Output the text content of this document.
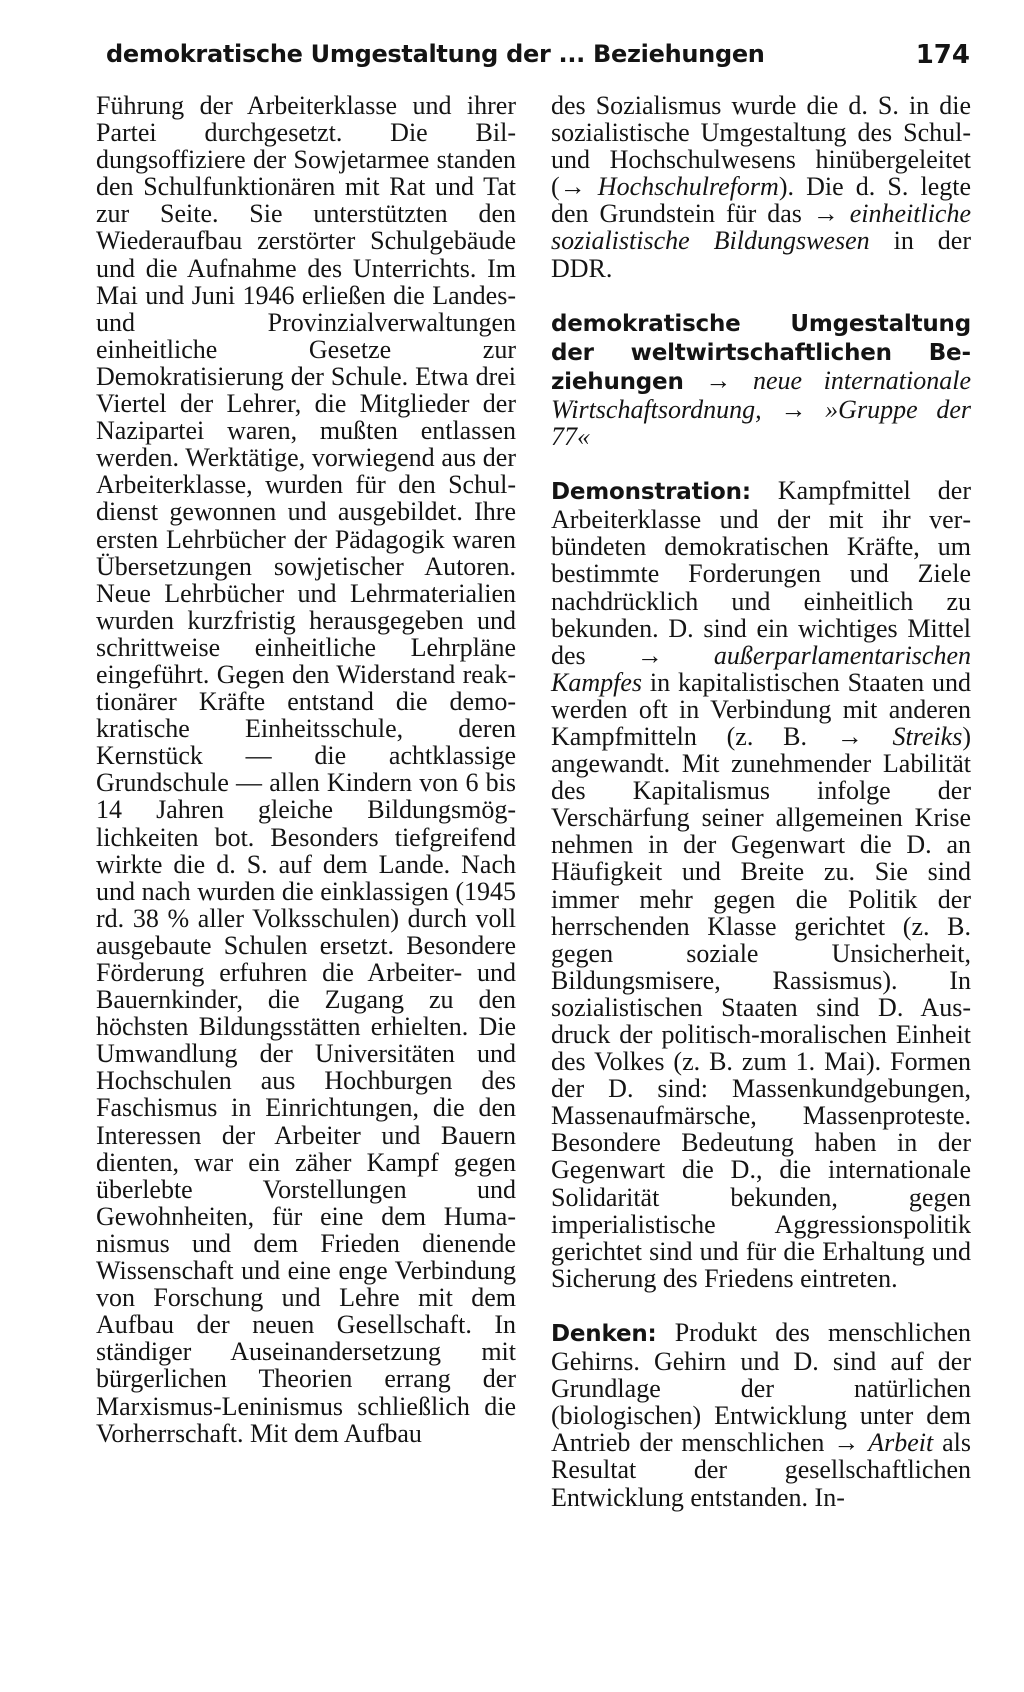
demokratische Umgestaltung der ... Beziehungen	174

Führung der Arbeiterklasse und ihrer Partei durchgesetzt. Die Bildungsoffiziere der Sowjetarmee standen den Schulfunktionären mit Rat und Tat zur Seite. Sie unterstützten den Wiederaufbau zerstörter Schulgebäude und die Aufnahme des Unterrichts. Im Mai und Juni 1946 erließen die Landes- und Provinzialverwaltungen einheitliche Gesetze zur Demokratisierung der Schule. Etwa drei Viertel der Lehrer, die Mitglieder der Nazipartei waren, mußten entlassen werden. Werktätige, vorwiegend aus der Arbeiterklasse, wurden für den Schuldienst gewonnen und ausgebildet. Ihre ersten Lehrbücher der Pädagogik waren Übersetzungen sowjetischer Autoren. Neue Lehrbücher und Lehrmaterialien wurden kurzfristig herausgegeben und schrittweise einheitliche Lehrpläne eingeführt. Gegen den Widerstand reaktionärer Kräfte entstand die demokratische Einheitsschule, deren Kernstück — die achtklassige Grundschule — allen Kindern von 6 bis 14 Jahren gleiche Bildungsmöglichkeiten bot. Besonders tiefgreifend wirkte die d. S. auf dem Lande. Nach und nach wurden die einklassigen (1945 rd. 38 % aller Volksschulen) durch voll ausgebaute Schulen ersetzt. Besondere Förderung erfuhren die Arbeiter- und Bauernkinder, die Zugang zu den höchsten Bildungsstätten erhielten. Die Umwandlung der Universitäten und Hochschulen aus Hochburgen des Faschismus in Einrichtungen, die den Interessen der Arbeiter und Bauern dienten, war ein zäher Kampf gegen überlebte Vorstellungen und Gewohnheiten, für eine dem Humanismus und dem Frieden dienende Wissenschaft und eine enge Verbindung von Forschung und Lehre mit dem Aufbau der neuen Gesellschaft. In ständiger Auseinandersetzung mit bürgerlichen Theorien errang der Marxismus-Leninismus schließlich die Vorherrschaft. Mit dem Aufbau

des Sozialismus wurde die d. S. in die sozialistische Umgestaltung des Schul- und Hochschulwesens hinübergeleitet (→ Hochschulreform). Die d. S. legte den Grundstein für das → einheitliche sozialistische Bildungswesen in der DDR.

demokratische Umgestaltung der weltwirtschaftlichen Beziehungen → neue internationale Wirtschaftsordnung, → »Gruppe der 77«

Demonstration: Kampfmittel der Arbeiterklasse und der mit ihr verbündeten demokratischen Kräfte, um bestimmte Forderungen und Ziele nachdrücklich und einheitlich zu bekunden. D. sind ein wichtiges Mittel des → außerparlamentarischen Kampfes in kapitalistischen Staaten und werden oft in Verbindung mit anderen Kampfmitteln (z. B. → Streiks) angewandt. Mit zunehmender Labilität des Kapitalismus infolge der Verschärfung seiner allgemeinen Krise nehmen in der Gegenwart die D. an Häufigkeit und Breite zu. Sie sind immer mehr gegen die Politik der herrschenden Klasse gerichtet (z. B. gegen soziale Unsicherheit, Bildungsmisere, Rassismus). In sozialistischen Staaten sind D. Ausdruck der politisch-moralischen Einheit des Volkes (z. B. zum 1. Mai). Formen der D. sind: Massenkundgebungen, Massenaufmärsche, Massenproteste. Besondere Bedeutung haben in der Gegenwart die D., die internationale Solidarität bekunden, gegen imperialistische Aggressionspolitik gerichtet sind und für die Erhaltung und Sicherung des Friedens eintreten.

Denken: Produkt des menschlichen Gehirns. Gehirn und D. sind auf der Grundlage der natürlichen (biologischen) Entwicklung unter dem Antrieb der menschlichen → Arbeit als Resultat der gesellschaftlichen Entwicklung entstanden. In-
